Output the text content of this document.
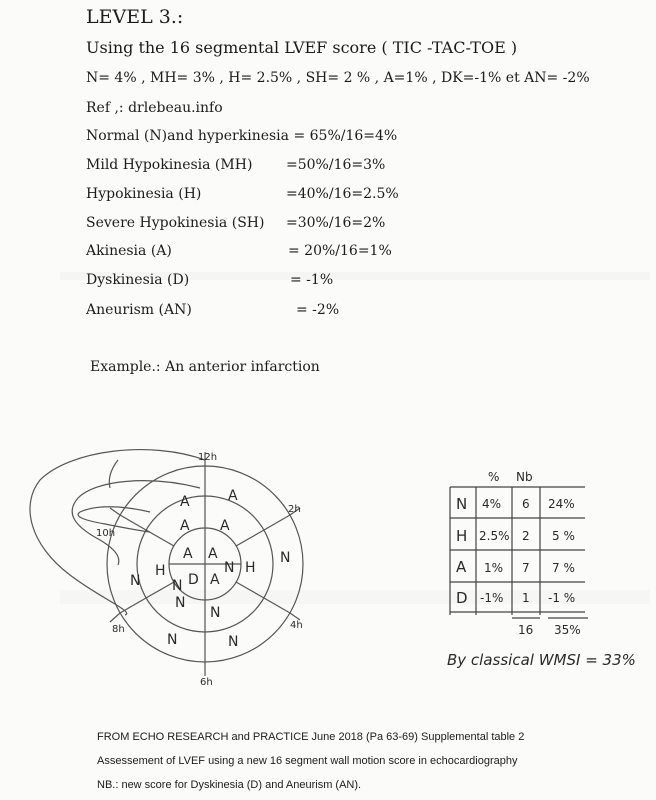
LEVEL 3.:
Using the 16 segmental LVEF score ( TIC -TAC-TOE )
N= 4% , MH= 3% , H= 2.5% , SH= 2 % , A=1% , DK=-1% et AN= -2%
Ref ,: drlebeau.info
Normal (N)and hyperkinesia = 65%/16=4%
Mild Hypokinesia (MH) =50%/16=3%
Hypokinesia (H)	=40%/16=2.5%
Severe Hypokinesia (SH) =30%/16=2%
Akinesia (A)	= 20%/16=1%
Dyskinesia (D)	= -1%
Aneurism (AN)	= -2%
Example.: An anterior infarction
12h
2h
4h
6h
8h
10h
A	A
N
N
N
N
A A
H
N
N
H
A A
N
N D A
% Nb
N 4% 6 24%
H 2.5% 2 5 %
A 1% 7 7 %
D -1% 1 -1 %
16 35%
By classical WMSI = 33%
FROM ECHO RESEARCH and PRACTICE June 2018 (Pa 63-69) Supplemental table 2
Assessement of LVEF using a new 16 segment wall motion score in echocardiography
NB.: new score for Dyskinesia (D) and Aneurism (AN).
